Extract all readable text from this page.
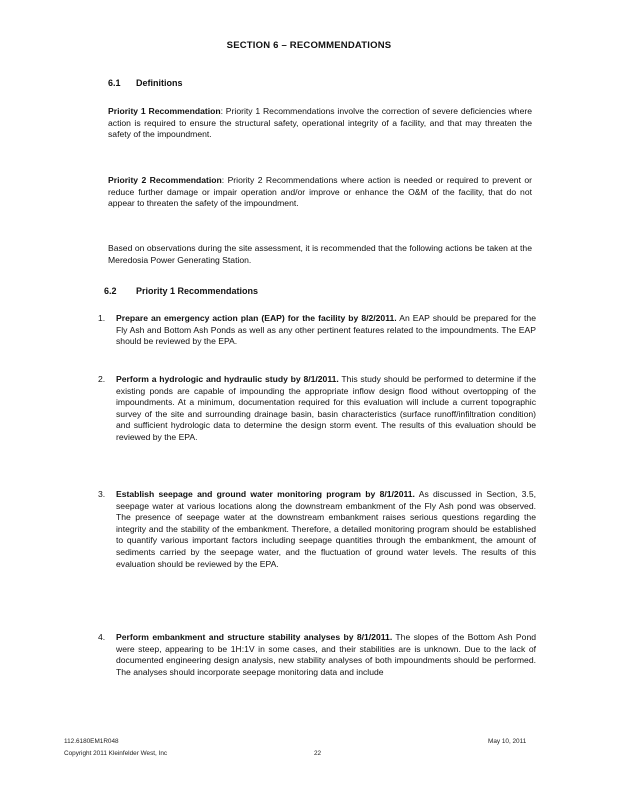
SECTION 6 – RECOMMENDATIONS
6.1 Definitions
Priority 1 Recommendation: Priority 1 Recommendations involve the correction of severe deficiencies where action is required to ensure the structural safety, operational integrity of a facility, and that may threaten the safety of the impoundment.
Priority 2 Recommendation: Priority 2 Recommendations where action is needed or required to prevent or reduce further damage or impair operation and/or improve or enhance the O&M of the facility, that do not appear to threaten the safety of the impoundment.
Based on observations during the site assessment, it is recommended that the following actions be taken at the Meredosia Power Generating Station.
6.2 Priority 1 Recommendations
1.	Prepare an emergency action plan (EAP) for the facility by 8/2/2011. An EAP should be prepared for the Fly Ash and Bottom Ash Ponds as well as any other pertinent features related to the impoundments. The EAP should be reviewed by the EPA.
2.	Perform a hydrologic and hydraulic study by 8/1/2011. This study should be performed to determine if the existing ponds are capable of impounding the appropriate inflow design flood without overtopping of the impoundments. At a minimum, documentation required for this evaluation will include a current topographic survey of the site and surrounding drainage basin, basin characteristics (surface runoff/infiltration condition) and sufficient hydrologic data to determine the design storm event. The results of this evaluation should be reviewed by the EPA.
3.	Establish seepage and ground water monitoring program by 8/1/2011. As discussed in Section, 3.5, seepage water at various locations along the downstream embankment of the Fly Ash pond was observed. The presence of seepage water at the downstream embankment raises serious questions regarding the integrity and the stability of the embankment. Therefore, a detailed monitoring program should be established to quantify various important factors including seepage quantities through the embankment, the amount of sediments carried by the seepage water, and the fluctuation of ground water levels. The results of this evaluation should be reviewed by the EPA.
4.	Perform embankment and structure stability analyses by 8/1/2011. The slopes of the Bottom Ash Pond were steep, appearing to be 1H:1V in some cases, and their stabilities are is unknown. Due to the lack of documented engineering design analysis, new stability analyses of both impoundments should be performed. The analyses should incorporate seepage monitoring data and include
112.6180EM1R048
Copyright 2011 Kleinfelder West, Inc	22
May 10, 2011
